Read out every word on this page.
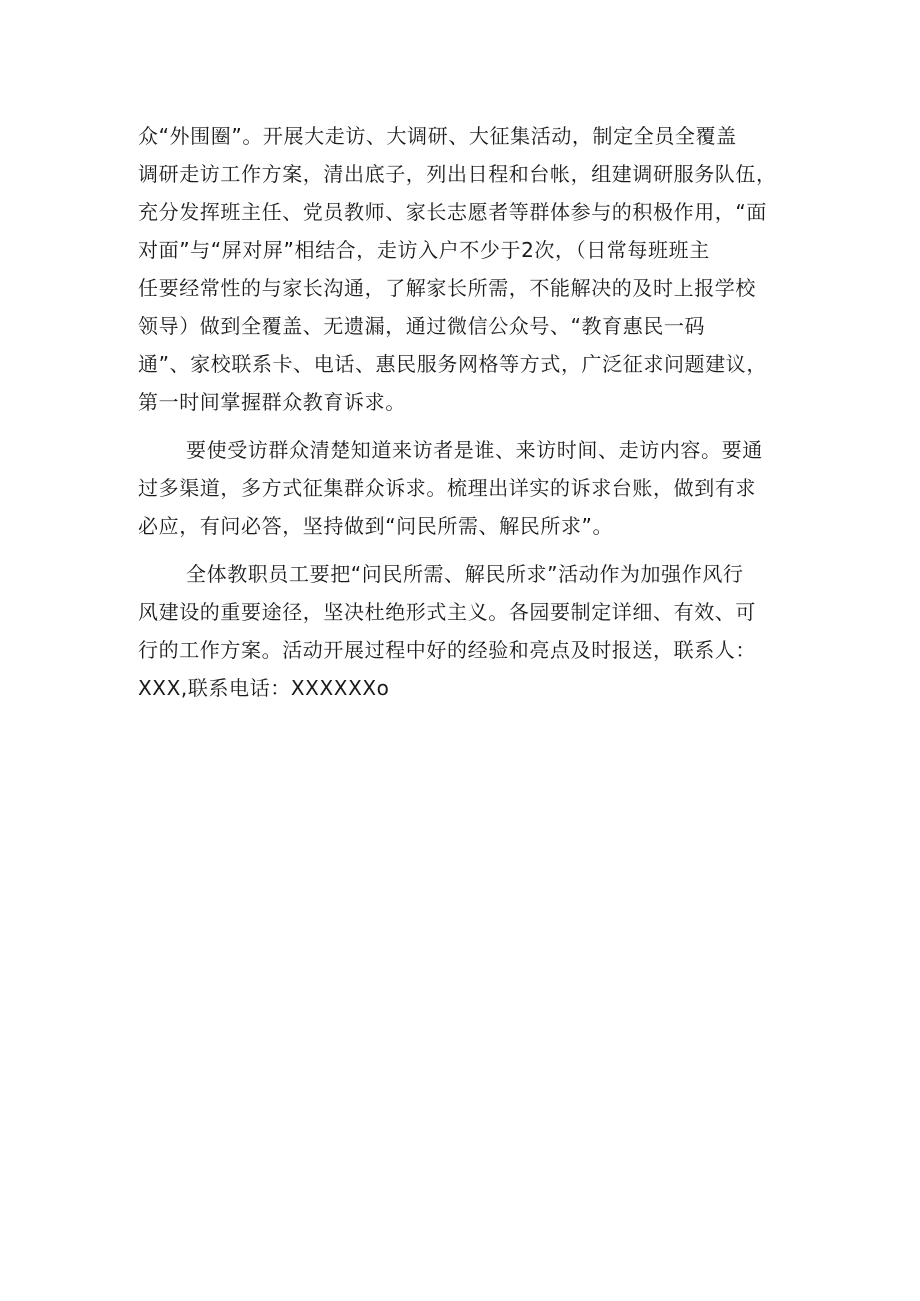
众“外围圈”。开展大走访、大调研、大征集活动，制定全员全覆盖
调研走访工作方案，清出底子，列出日程和台帐，组建调研服务队伍，
充分发挥班主任、党员教师、家长志愿者等群体参与的积极作用，“面
对面”与“屏对屏”相结合，走访入户不少于2次，（日常每班班主
任要经常性的与家长沟通，了解家长所需，不能解决的及时上报学校
领导）做到全覆盖、无遗漏，通过微信公众号、“教育惠民一码
通”、家校联系卡、电话、惠民服务网格等方式，广泛征求问题建议，
第一时间掌握群众教育诉求。
要使受访群众清楚知道来访者是谁、来访时间、走访内容。要通
过多渠道，多方式征集群众诉求。梳理出详实的诉求台账，做到有求
必应，有问必答，坚持做到“问民所需、解民所求”。
全体教职员工要把“问民所需、解民所求”活动作为加强作风行
风建设的重要途径，坚决杜绝形式主义。各园要制定详细、有效、可
行的工作方案。活动开展过程中好的经验和亮点及时报送，联系人：
XXX,联系电话：XXXXXXo
